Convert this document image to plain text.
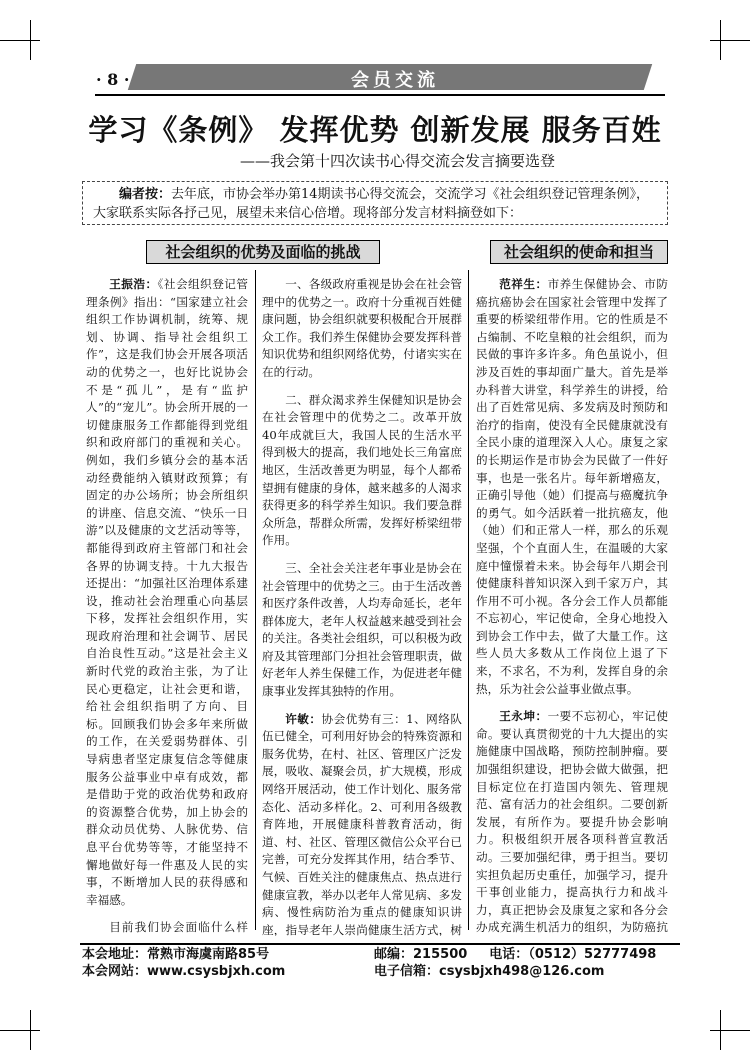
· 8 ·	会员交流
学习《条例》 发挥优势 创新发展 服务百姓
——我会第十四次读书心得交流会发言摘要选登
编者按：去年底，市协会举办第14期读书心得交流会，交流学习《社会组织登记管理条例》，大家联系实际各抒己见，展望未来信心倍增。现将部分发言材料摘登如下：
社会组织的优势及面临的挑战	社会组织的使命和担当

王振浩：《社会组织登记管理条例》指出：“国家建立社会组织工作协调机制，统筹、规划、协调、指导社会组织工作”，这是我们协会开展各项活动的优势之一，也好比说协会不是“孤儿”，是有“监护人”的“宠儿”。协会所开展的一切健康服务工作都能得到党组织和政府部门的重视和关心。例如，我们乡镇分会的基本活动经费能纳入镇财政预算；有固定的办公场所；协会所组织的讲座、信息交流、“快乐一日游”以及健康的文艺活动等等，都能得到政府主管部门和社会各界的协调支持。十九大报告还提出：“加强社区治理体系建设，推动社会治理重心向基层下移，发挥社会组织作用，实现政府治理和社会调节、居民自治良性互动。”这是社会主义新时代党的政治主张，为了让民心更稳定，让社会更和谐，给社会组织指明了方向、目标。回顾我们协会多年来所做的工作，在关爱弱势群体、引导病患者坚定康复信念等健康服务公益事业中卓有成效，都是借助于党的政治优势和政府的资源整合优势，加上协会的群众动员优势、人脉优势、信息平台优势等等，才能坚持不懈地做好每一件惠及人民的实事，不断增加人民的获得感和幸福感。

目前我们协会面临什么样

一、各级政府重视是协会在社会管理中的优势之一。政府十分重视百姓健康问题，协会组织就要积极配合开展群众工作。我们养生保健协会要发挥科普知识优势和组织网络优势，付诸实实在在的行动。

二、群众渴求养生保健知识是协会在社会管理中的优势之二。改革开放40年成就巨大，我国人民的生活水平得到极大的提高，我们地处长三角富庶地区，生活改善更为明显，每个人都希望拥有健康的身体，越来越多的人渴求获得更多的科学养生知识。我们要急群众所急，帮群众所需，发挥好桥梁纽带作用。

三、全社会关注老年事业是协会在社会管理中的优势之三。由于生活改善和医疗条件改善，人均寿命延长，老年群体庞大，老年人权益越来越受到社会的关注。各类社会组织，可以积极为政府及其管理部门分担社会管理职责，做好老年人养生保健工作，为促进老年健康事业发挥其独特的作用。

许敏：协会优势有三：1、网络队伍已健全，可利用好协会的特殊资源和服务优势，在村、社区、管理区广泛发展，吸收、凝聚会员，扩大规模，形成网络开展活动，使工作计划化、服务常态化、活动多样化。2、可利用各级教育阵地，开展健康科普教育活动，街道、村、社区、管理区微信公众平台已完善，可充分发挥其作用，结合季节、气候、百姓关注的健康焦点、热点进行健康宣教，举办以老年人常见病、多发病、慢性病防治为重点的健康知识讲座，指导老年人崇尚健康生活方式，树

范祥生：市养生保健协会、市防癌抗癌协会在国家社会管理中发挥了重要的桥梁纽带作用。它的性质是不占编制、不吃皇粮的社会组织，而为民做的事许多许多。角色虽说小，但涉及百姓的事却面广量大。首先是举办科普大讲堂，科学养生的讲授，给出了百姓常见病、多发病及时预防和治疗的指南，使没有全民健康就没有全民小康的道理深入人心。康复之家的长期运作是市协会为民做了一件好事，也是一张名片。每年新增癌友，正确引导他（她）们提高与癌魔抗争的勇气。如今活跃着一批抗癌友，他（她）们和正常人一样，那么的乐观坚强，个个直面人生，在温暖的大家庭中憧憬着未来。协会每年八期会刊使健康科普知识深入到千家万户，其作用不可小视。各分会工作人员都能不忘初心，牢记使命，全身心地投入到协会工作中去，做了大量工作。这些人员大多数从工作岗位上退了下来，不求名，不为利，发挥自身的余热，乐为社会公益事业做点事。

王永坤：一要不忘初心，牢记使命。要认真贯彻党的十九大提出的实施健康中国战略，预防控制肿瘤。要加强组织建设，把协会做大做强，把目标定位在打造国内领先、管理规范、富有活力的社会组织。二要创新发展，有所作为。要提升协会影响力。积极组织开展各项科普宣教活动。三要加强纪律，勇于担当。要切实担负起历史重任，加强学习，提升干事创业能力，提高执行力和战斗力，真正把协会及康复之家和各分会办成充满生机活力的组织，为防癌抗

本会地址：常熟市海虞南路85号
本会网站：www.csysbjxh.com
邮编：215500 电话：（0512）52777498
电子信箱：csysbjxh498@126.com
